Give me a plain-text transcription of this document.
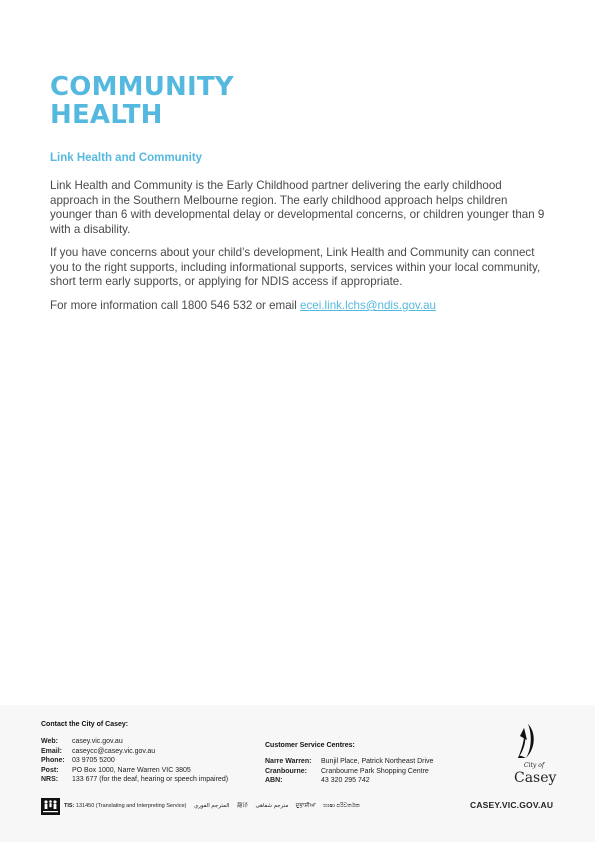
COMMUNITY
HEALTH
Link Health and Community

Link Health and Community is the Early Childhood partner delivering the early childhood approach in the Southern Melbourne region. The early childhood approach helps children younger than 6 with developmental delay or developmental concerns, or children younger than 9 with a disability.

If you have concerns about your child’s development, Link Health and Community can connect you to the right supports, including informational supports, services within your local community, short term early supports, or applying for NDIS access if appropriate.

For more information call 1800 546 532 or email ecei.link.lchs@ndis.gov.au

Contact the City of Casey:
Web:	casey.vic.gov.au
Email:	caseycc@casey.vic.gov.au
Phone:	03 9705 5200
Post:	PO Box 1000, Narre Warren VIC 3805
NRS:	133 677 (for the deaf, hearing or speech impaired)
Customer Service Centres:
Narre Warren:	Bunjil Place, Patrick Northeast Drive
Cranbourne:	Cranbourne Park Shopping Centre
ABN:	43 320 295 742
City of
Casey
TIS: 131450 (Translating and Interpreting Service) المترجم الفوري 翻译 مترجم شفاهی ਦੁਭਾਸ਼ੀਆ භාෂා පරිවර්තක	CASEY.VIC.GOV.AU
